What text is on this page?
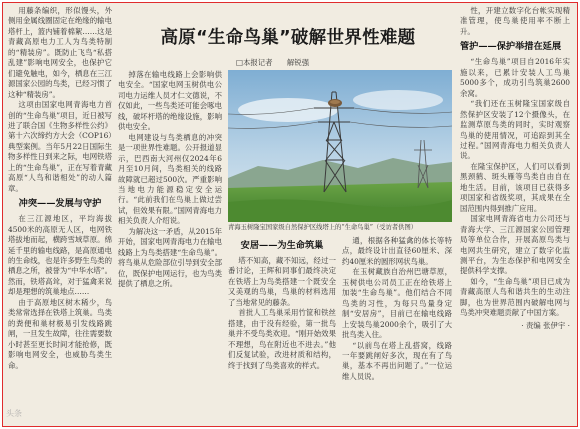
用藤条编织，形似馒头，外侧用金属线圈固定在绝缘的输电塔杆上，篮内铺着棉絮……这是青藏高原电力工人为鸟类特制的“精装房”。既防止飞鸟“私搭乱建”影响电网安全，也保护它们避免触电，如今，栖息在三江源国家公园的鸟类，已经习惯了这种“精装房”。

这项由国家电网青海电力首创的“生命鸟巢”项目，近日被写进了联合国《生物多样性公约》第十六次缔约方大会（COP16）典型案例。当年5月22日国际生物多样性日到来之际，电网铁塔上的“生命鸟巢”，正在写着青藏高原“人鸟和谐相处”的动人篇章。

冲突——发展与守护

在三江源地区，平均海拔4500米的高原无人区，电网铁塔拔地而起，横跨雪域草原。绵延千里的输电线路，是高原通电的生命线，也是许多野生鸟类的栖息之所，被誉为“中华水塔”。然而，铁塔高耸，对于猛禽来说却是理想的筑巢地点……

由于高原地区树木稀少，鸟类常常选择在铁塔上筑巢。鸟类的粪便和巢材极易引发线路跳闸，一旦发生故障，往往需要数小时甚至更长时间才能抢修，既影响电网安全，也威胁鸟类生命。

高原“生命鸟巢”破解世界性难题
□本报记者 解锐强

掉落在输电线路上会影响供电安全。“国家电网玉树供电公司电力运维人员才仁文德说，不仅如此，一些鸟类还可能会啄电线，破坏杆塔的绝缘设施，影响供电安全。

电网建设与鸟类栖息的冲突是一项世界性难题。公开报道显示，巴西南大河州仅2024年6月至10月间，鸟类相关的线路故障就已超过500次。严重影响当地电力能源稳定安全运行。“此前我们在鸟巢上做过尝试，但效果有限。”国网青海电力相关负责人介绍说。

为解决这一矛盾，从2015年开始，国家电网青海电力在输电线路上为鸟类搭建“生命鸟巢”。将鸟巢从危险部位引导到安全部位，既保护电网运行，也为鸟类提供了栖息之所。

青海玉树隆宝国家级自然保护区线塔上的“生命鸟巢”（受访者供图）
安居——为生命筑巢

塔不知高，藏不知远，经过一番讨论，王辉和同事们最终决定在铁塔上为鸟类搭建一个既安全又美观的鸟巢，鸟巢的材料选用了当地常见的藤条。

首批人工鸟巢采用竹筐和铁丝搭建，由于没有经验，第一批鸟巢并不受鸟类欢迎。“刚开始效果不理想，鸟在附近也不进去。”他们反复试验，改进材质和结构，终于找到了鸟类喜欢的样式。

通，根据各种猛禽的体长等特点，最终设计出直径60厘米、深约40厘米的圆形网状鸟巢。

在玉树藏族自治州巴塘草原，玉树供电公司员工正在给铁塔上加装“生命鸟巢”。他们结合不同鸟类的习性，为每只鸟量身定制“安居房”，目前已在输电线路上安装鸟巢2000余个，吸引了大批鸟类入住。

“以前鸟在塔上乱搭窝，线路一年要跳闸好多次，现在有了鸟巢，基本不再出问题了。”一位运维人员说。

性，开建立数字化台帐实现精准管理，使鸟巢使用率不断上升。

管护——保护举措在延展

“生命鸟巢”项目自2016年实施以来，已累计安装人工鸟巢5000多个，成功引鸟筑巢2600余窝。

“我们还在玉树隆宝国家级自然保护区安装了12个摄像头，在监测草原鸟类的同时，实时观察鸟巢的使用情况，可追踪到其全过程。”国网青海电力相关负责人说。

在隆宝保护区，人们可以看到黑颈鹤、斑头雁等鸟类自由自在地生活。目前，该项目已获得多项国家和省级奖项，其成果在全国范围内得到推广应用。

国家电网青海省电力公司还与青海大学、三江源国家公园管理局等单位合作，开展高原鸟类与电网共生研究，建立了数字化监测平台，为生态保护和电网安全提供科学支撑。

如今，“生命鸟巢”项目已成为青藏高原人鸟和谐共生的生动注脚，也为世界范围内破解电网与鸟类冲突难题贡献了中国方案。

· 责编 张伊宇 ·
头条
